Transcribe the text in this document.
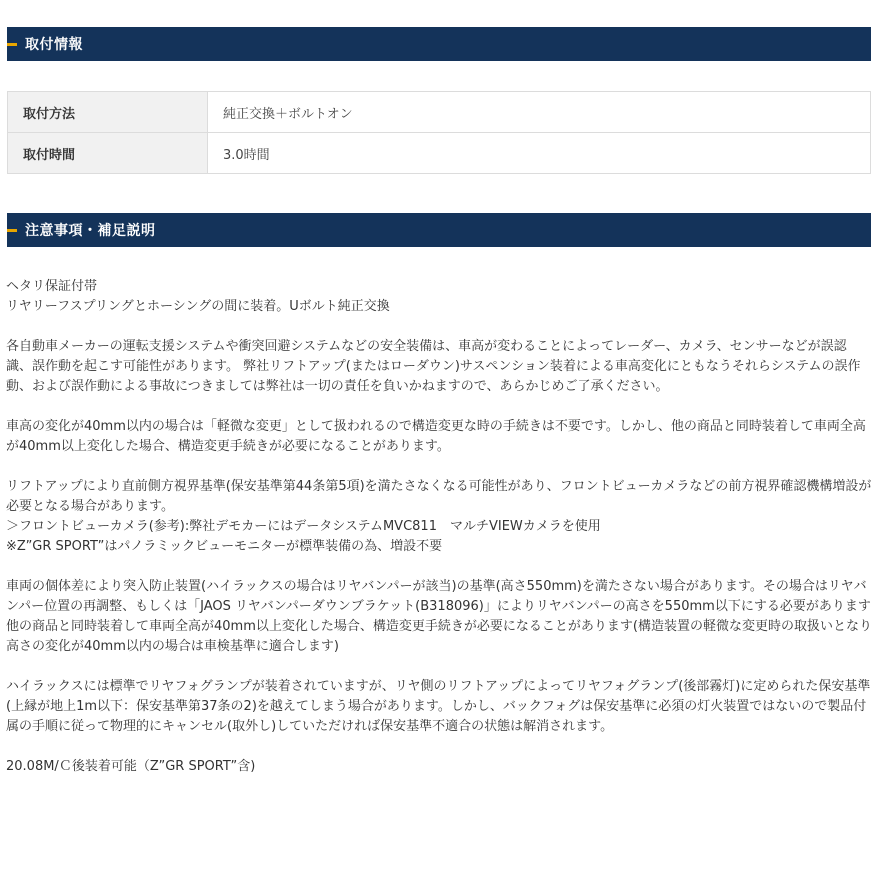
取付情報
取付方法	純正交換＋ボルトオン
取付時間	3.0時間
注意事項・補足説明

ヘタリ保証付帯

リヤリーフスプリングとホーシングの間に装着。Uボルト純正交換

各自動車メーカーの運転支援システムや衝突回避システムなどの安全装備は、車高が変わることによってレーダー、カメラ、センサーなどが誤認識、誤作動を起こす可能性があります。 弊社リフトアップ(またはローダウン)サスペンション装着による車高変化にともなうそれらシステムの誤作動、および誤作動による事故につきましては弊社は一切の責任を負いかねますので、あらかじめご了承ください。

車高の変化が40mm以内の場合は「軽微な変更」として扱われるので構造変更な時の手続きは不要です。しかし、他の商品と同時装着して車両全高が40mm以上変化した場合、構造変更手続きが必要になることがあります。

リフトアップにより直前側方視界基準(保安基準第44条第5項)を満たさなくなる可能性があり、フロントビューカメラなどの前方視界確認機構増設が必要となる場合があります。

＞フロントビューカメラ(参考):弊社デモカーにはデータシステムMVC811　マルチVIEWカメラを使用

※Z”GR SPORT”はパノラミックビューモニターが標準装備の為、増設不要

車両の個体差により突入防止装置(ハイラックスの場合はリヤバンパーが該当)の基準(高さ550mm)を満たさない場合があります。その場合はリヤバンパー位置の再調整、もしくは「JAOS リヤバンパーダウンブラケット(B318096)」によりリヤバンパーの高さを550mm以下にする必要があります 他の商品と同時装着して車両全高が40mm以上変化した場合、構造変更手続きが必要になることがあります(構造装置の軽微な変更時の取扱いとなり高さの変化が40mm以内の場合は車検基準に適合します)

ハイラックスには標準でリヤフォグランプが装着されていますが、リヤ側のリフトアップによってリヤフォグランプ(後部霧灯)に定められた保安基準(上縁が地上1m以下：保安基準第37条の2)を越えてしまう場合があります。しかし、バックフォグは保安基準に必須の灯火装置ではないので製品付属の手順に従って物理的にキャンセル(取外し)していただければ保安基準不適合の状態は解消されます。

20.08M/Ｃ後装着可能（Z”GR SPORT”含)
